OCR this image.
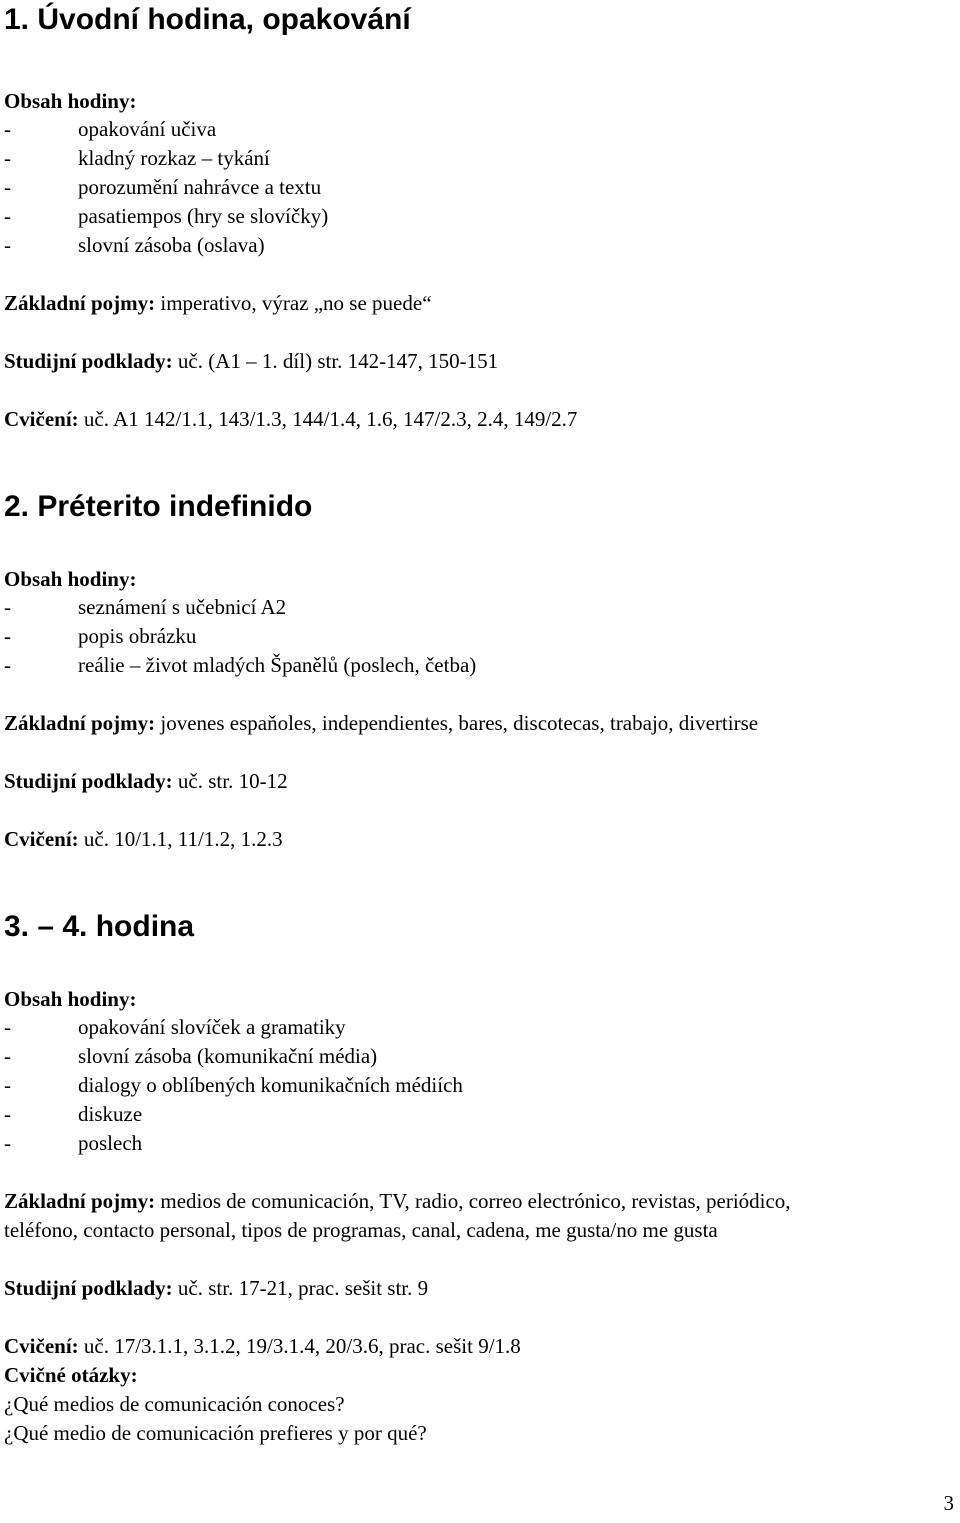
1. Úvodní hodina, opakování

Obsah hodiny:

-	opakování učiva
-	kladný rozkaz – tykání
-	porozumění nahrávce a textu
-	pasatiempos (hry se slovíčky)
-	slovní zásoba (oslava)

Základní pojmy: imperativo, výraz „no se puede“

Studijní podklady: uč. (A1 – 1. díl) str. 142-147, 150-151

Cvičení: uč. A1 142/1.1, 143/1.3, 144/1.4, 1.6, 147/2.3, 2.4, 149/2.7

2. Préterito indefinido

Obsah hodiny:

-	seznámení s učebnicí A2
-	popis obrázku
-	reálie – život mladých Španělů (poslech, četba)

Základní pojmy: jovenes espaňoles, independientes, bares, discotecas, trabajo, divertirse

Studijní podklady: uč. str. 10-12

Cvičení: uč. 10/1.1, 11/1.2, 1.2.3

3. – 4. hodina

Obsah hodiny:

-	opakování slovíček a gramatiky
-	slovní zásoba (komunikační média)
-	dialogy o oblíbených komunikačních médiích
-	diskuze
-	poslech

Základní pojmy: medios de comunicación, TV, radio, correo electrónico, revistas, periódico,

teléfono, contacto personal, tipos de programas, canal, cadena, me gusta/no me gusta

Studijní podklady: uč. str. 17-21, prac. sešit str. 9

Cvičení: uč. 17/3.1.1, 3.1.2, 19/3.1.4, 20/3.6, prac. sešit 9/1.8

Cvičné otázky:

¿Qué medios de comunicación conoces?

¿Qué medio de comunicación prefieres y por qué?

3
